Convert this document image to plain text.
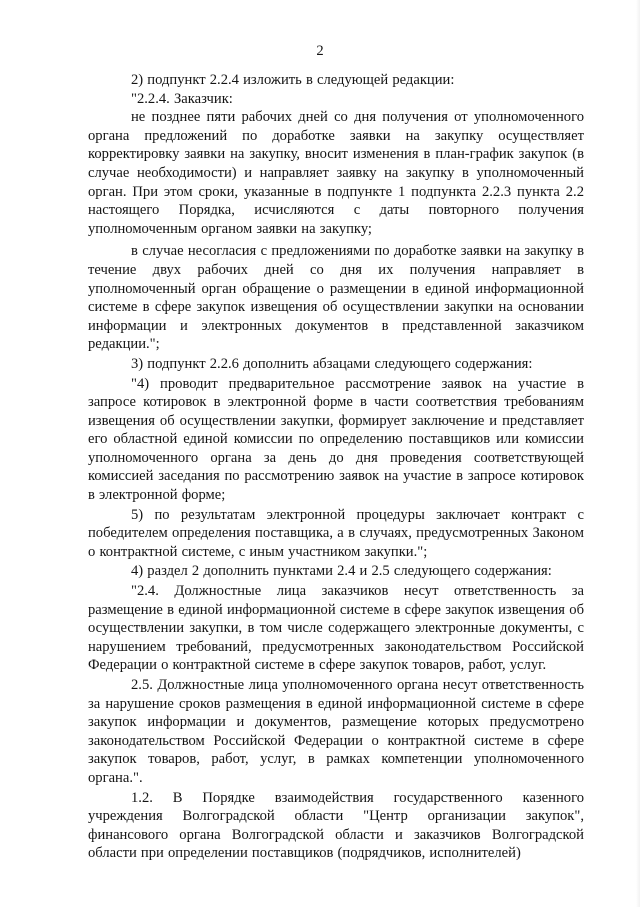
2

2) подпункт 2.2.4 изложить в следующей редакции:

"2.2.4. Заказчик:

не позднее пяти рабочих дней со дня получения от уполномоченного органа предложений по доработке заявки на закупку осуществляет корректировку заявки на закупку, вносит изменения в план-график закупок (в случае необходимости) и направляет заявку на закупку в уполномоченный орган. При этом сроки, указанные в подпункте 1 подпункта 2.2.3 пункта 2.2 настоящего Порядка, исчисляются с даты повторного получения уполномоченным органом заявки на закупку;

в случае несогласия с предложениями по доработке заявки на закупку в течение двух рабочих дней со дня их получения направляет в уполномоченный орган обращение о размещении в единой информационной системе в сфере закупок извещения об осуществлении закупки на основании информации и электронных документов в представленной заказчиком редакции.";

3) подпункт 2.2.6 дополнить абзацами следующего содержания:

"4) проводит предварительное рассмотрение заявок на участие в запросе котировок в электронной форме в части соответствия требованиям извещения об осуществлении закупки, формирует заключение и представляет его областной единой комиссии по определению поставщиков или комиссии уполномоченного органа за день до дня проведения соответствующей комиссией заседания по рассмотрению заявок на участие в запросе котировок в электронной форме;

5) по результатам электронной процедуры заключает контракт с победителем определения поставщика, а в случаях, предусмотренных Законом о контрактной системе, с иным участником закупки.";

4) раздел 2 дополнить пунктами 2.4 и 2.5 следующего содержания:

"2.4. Должностные лица заказчиков несут ответственность за размещение в единой информационной системе в сфере закупок извещения об осуществлении закупки, в том числе содержащего электронные документы, с нарушением требований, предусмотренных законодательством Российской Федерации о контрактной системе в сфере закупок товаров, работ, услуг.

2.5. Должностные лица уполномоченного органа несут ответственность за нарушение сроков размещения в единой информационной системе в сфере закупок информации и документов, размещение которых предусмотрено законодательством Российской Федерации о контрактной системе в сфере закупок товаров, работ, услуг, в рамках компетенции уполномоченного органа.".

1.2. В Порядке взаимодействия государственного казенного учреждения Волгоградской области "Центр организации закупок", финансового органа Волгоградской области и заказчиков Волгоградской области при определении поставщиков (подрядчиков, исполнителей)
